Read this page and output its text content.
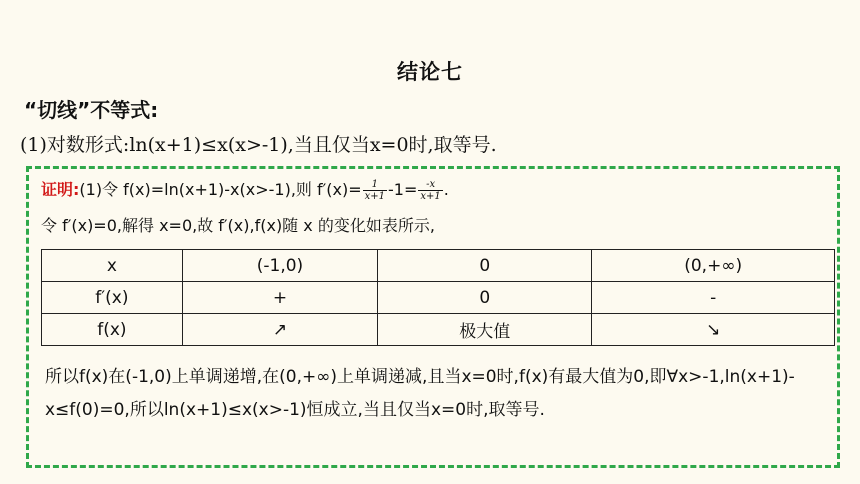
结论七
“切线”不等式:
(1)对数形式:ln(x+1)≤x(x>-1),当且仅当x=0时,取等号.
证明:(1)令 f(x)=ln(x+1)-x(x>-1),则 $f'(x)= \frac{1}{x+1} -1= \frac{-x}{x+1}$ .
令 f′(x)=0,解得 x=0,故 f′(x),f(x)随 x 的变化如表所示,
x	(-1,0)	0	(0,+∞)
f′(x)	+	0	-
f(x)	↗	极大值	↘
所以f(x)在(-1,0)上单调递增,在(0,+∞)上单调递减,且当x=0时,f(x)有最大值为0,即∀x>-1,ln(x+1)-x≤f(0)=0,所以ln(x+1)≤x(x>-1)恒成立,当且仅当x=0时,取等号.
